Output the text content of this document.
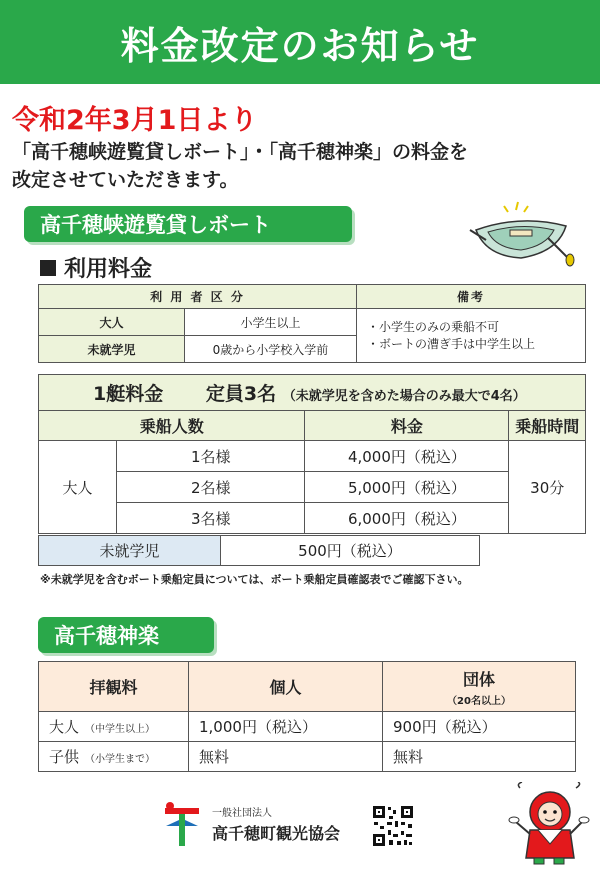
料金改定のお知らせ
令和2年3月1日より
「高千穂峡遊覧貸しボート」・「高千穂神楽」の料金を
改定させていただきます。
高千穂峡遊覧貸しボート
利用料金
利 用 者 区 分		備考
大人	小学生以上	・小学生のみの乗船不可
・ボートの漕ぎ手は中学生以上

未就学児	0歳から小学校入学前	
1艇料金 定員3名 （未就学児を含めた場合のみ最大で4名）			
乗船人数		料金	乗船時間
大人	1名様	4,000円（税込）	30分
	2名様	5,000円（税込）	
	3名様	6,000円（税込）	
未就学児	500円（税込）
※未就学児を含むボート乗船定員については、ボート乗船定員確認表でご確認下さい。
高千穂神楽
拝観料	個人	団体
（20名以上）

大人 （中学生以上）	1,000円（税込）	900円（税込）
子供 （小学生まで）	無料	無料
一般社団法人
高千穂町観光協会
